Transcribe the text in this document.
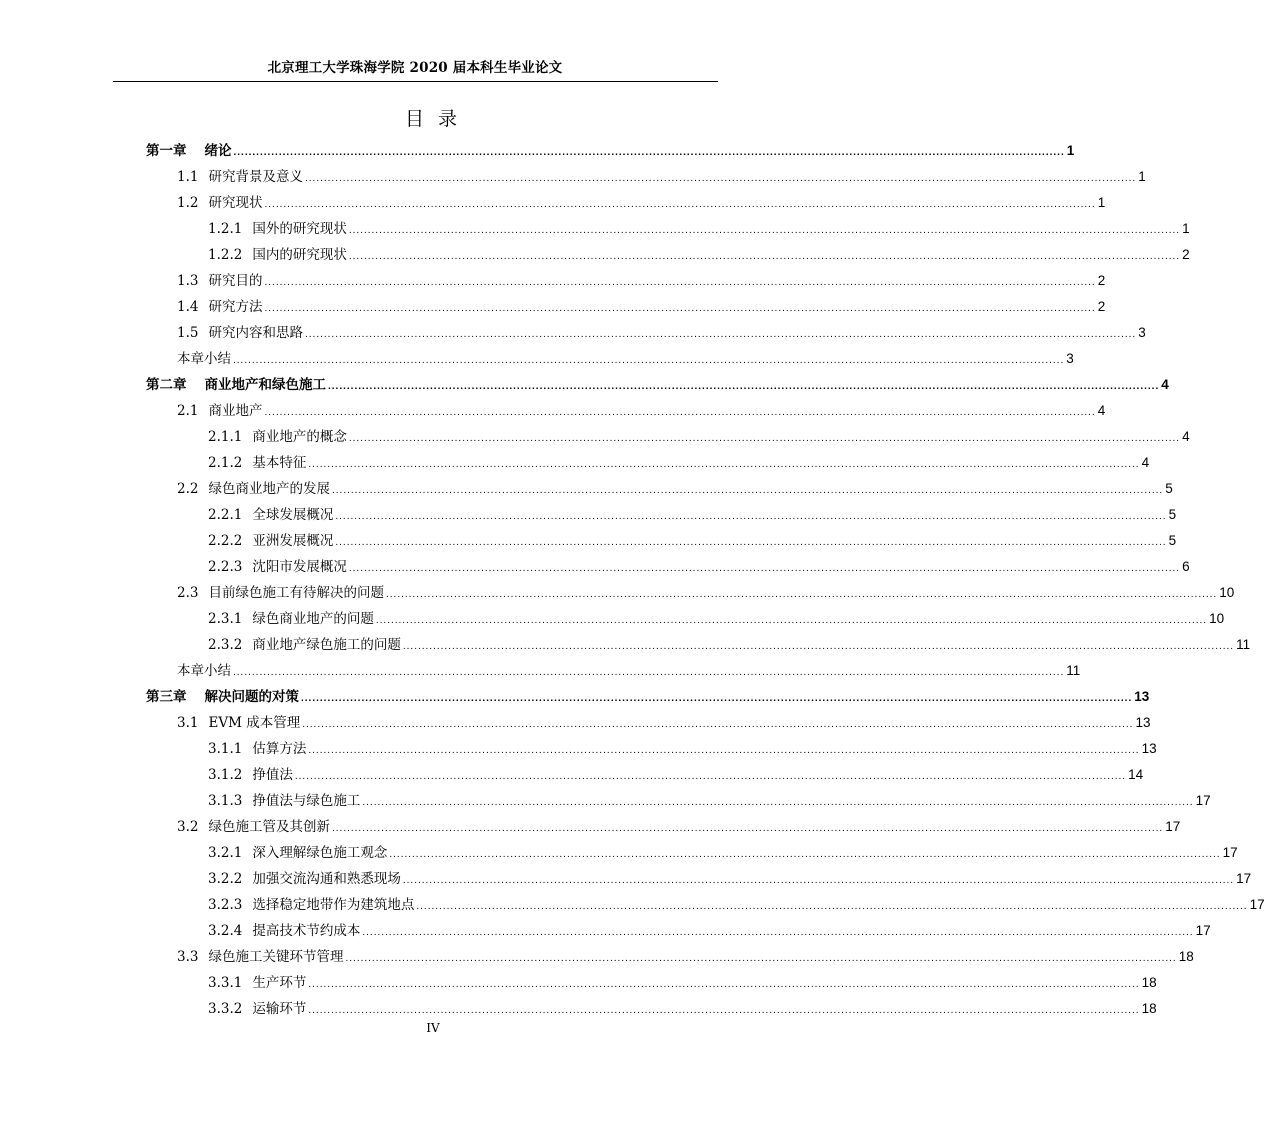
北京理工大学珠海学院 2020 届本科生毕业论文
目 录
第一章 绪论 ............................................................................................................................................................................................................................ 1
1.1 研究背景及意义 ............................................................................................................................................................................................................................ 1
1.2 研究现状 ............................................................................................................................................................................................................................ 1
1.2.1 国外的研究现状 ............................................................................................................................................................................................................................ 1
1.2.2 国内的研究现状 ............................................................................................................................................................................................................................ 2
1.3 研究目的 ............................................................................................................................................................................................................................ 2
1.4 研究方法 ............................................................................................................................................................................................................................ 2
1.5 研究内容和思路 ............................................................................................................................................................................................................................ 3
本章小结 ............................................................................................................................................................................................................................ 3
第二章 商业地产和绿色施工 ............................................................................................................................................................................................................................ 4
2.1 商业地产 ............................................................................................................................................................................................................................ 4
2.1.1 商业地产的概念 ............................................................................................................................................................................................................................ 4
2.1.2 基本特征 ............................................................................................................................................................................................................................ 4
2.2 绿色商业地产的发展 ............................................................................................................................................................................................................................ 5
2.2.1 全球发展概况 ............................................................................................................................................................................................................................ 5
2.2.2 亚洲发展概况 ............................................................................................................................................................................................................................ 5
2.2.3 沈阳市发展概况 ............................................................................................................................................................................................................................ 6
2.3 目前绿色施工有待解决的问题 ............................................................................................................................................................................................................................ 10
2.3.1 绿色商业地产的问题 ............................................................................................................................................................................................................................ 10
2.3.2 商业地产绿色施工的问题 ............................................................................................................................................................................................................................ 11
本章小结 ............................................................................................................................................................................................................................ 11
第三章 解决问题的对策 ............................................................................................................................................................................................................................ 13
3.1 EVM 成本管理 ............................................................................................................................................................................................................................ 13
3.1.1 估算方法 ............................................................................................................................................................................................................................ 13
3.1.2 挣值法 ............................................................................................................................................................................................................................ 14
3.1.3 挣值法与绿色施工 ............................................................................................................................................................................................................................ 17
3.2 绿色施工管及其创新 ............................................................................................................................................................................................................................ 17
3.2.1 深入理解绿色施工观念 ............................................................................................................................................................................................................................ 17
3.2.2 加强交流沟通和熟悉现场 ............................................................................................................................................................................................................................ 17
3.2.3 选择稳定地带作为建筑地点 ............................................................................................................................................................................................................................ 17
3.2.4 提高技术节约成本 ............................................................................................................................................................................................................................ 17
3.3 绿色施工关键环节管理 ............................................................................................................................................................................................................................ 18
3.3.1 生产环节 ............................................................................................................................................................................................................................ 18
3.3.2 运输环节 ............................................................................................................................................................................................................................ 18
IV
